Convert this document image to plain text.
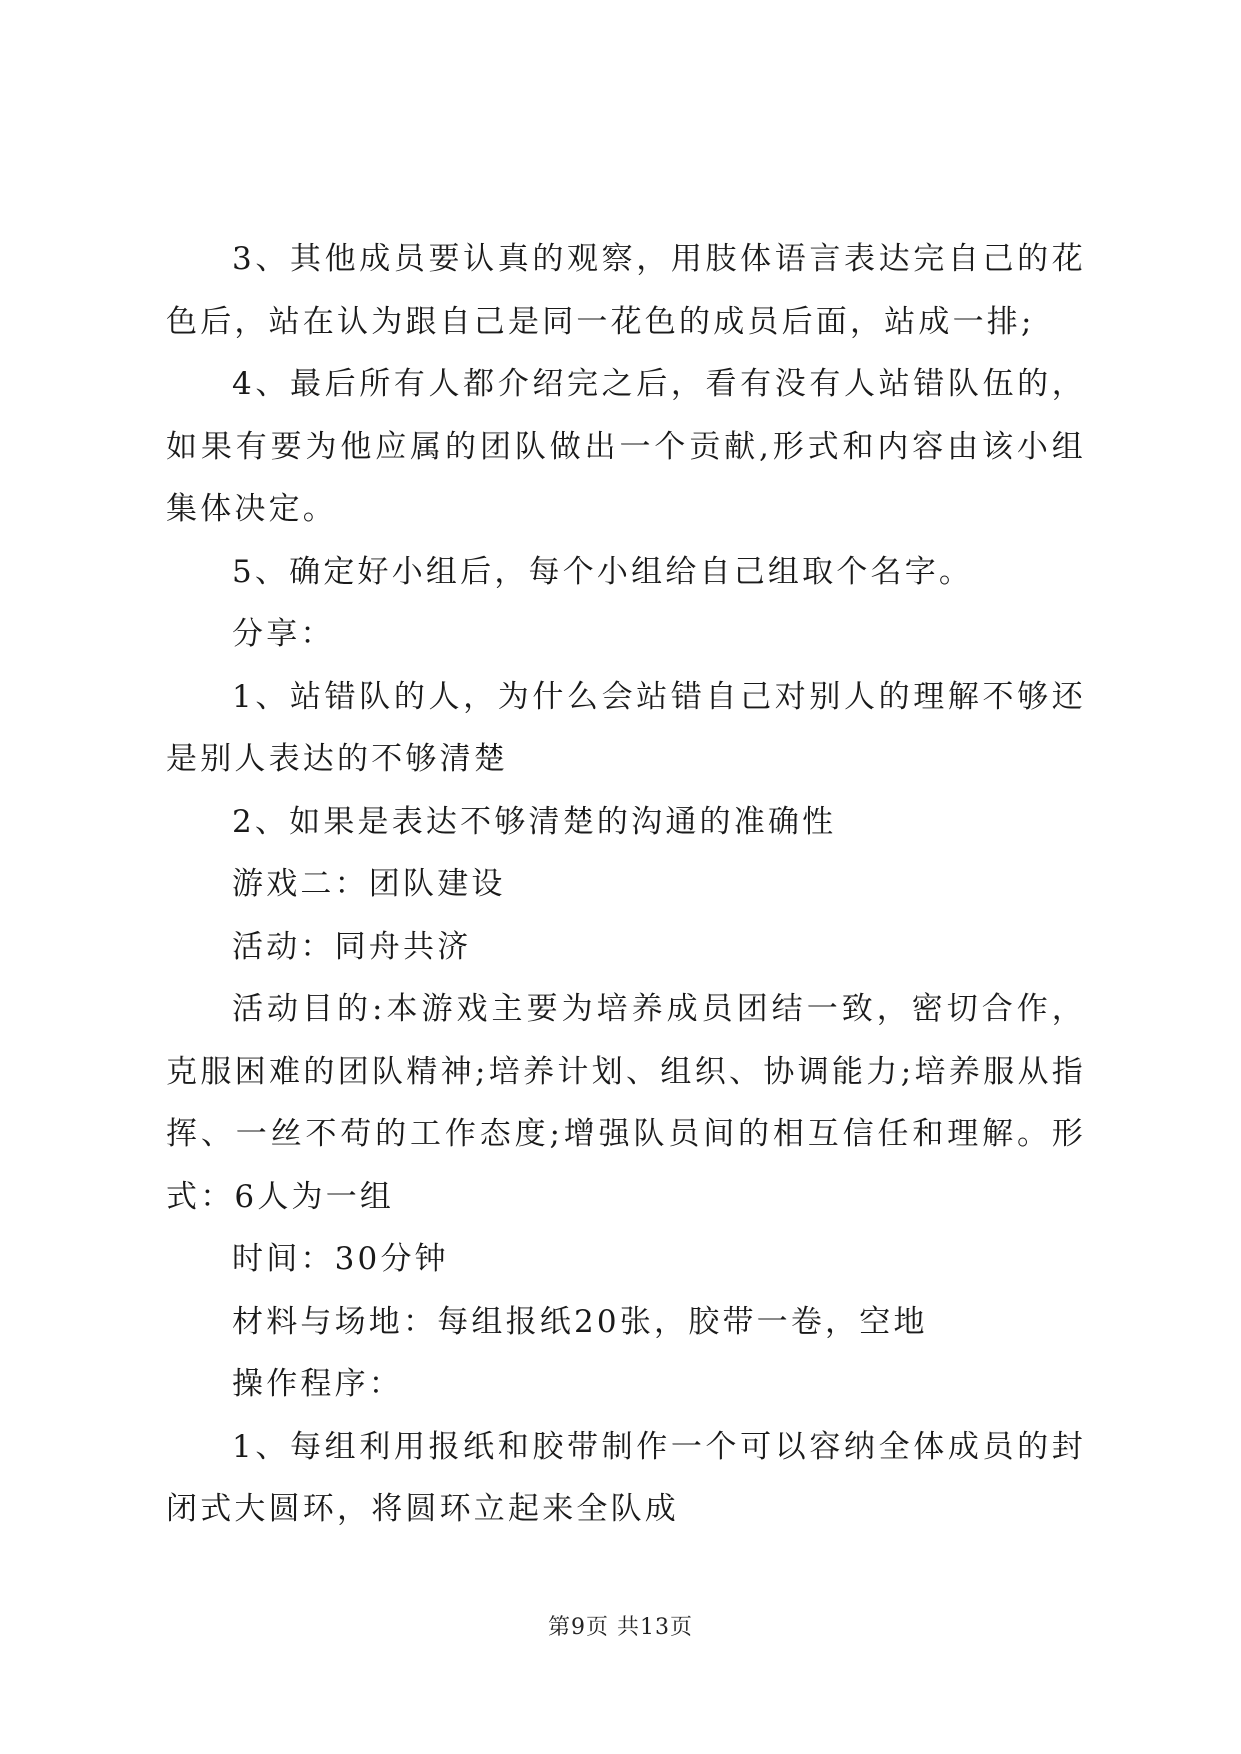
3、其他成员要认真的观察，用肢体语言表达完自己的花色后，站在认为跟自己是同一花色的成员后面，站成一排;

4、最后所有人都介绍完之后，看有没有人站错队伍的，如果有要为他应属的团队做出一个贡献,形式和内容由该小组集体决定。

5、确定好小组后，每个小组给自己组取个名字。

分享：

1、站错队的人，为什么会站错自己对别人的理解不够还是别人表达的不够清楚

2、如果是表达不够清楚的沟通的准确性

游戏二：团队建设

活动：同舟共济

活动目的:本游戏主要为培养成员团结一致，密切合作，克服困难的团队精神;培养计划、组织、协调能力;培养服从指挥、一丝不苟的工作态度;增强队员间的相互信任和理解。形式：6人为一组

时间：30分钟

材料与场地：每组报纸20张，胶带一卷，空地

操作程序：

1、每组利用报纸和胶带制作一个可以容纳全体成员的封闭式大圆环，将圆环立起来全队成

第9页 共13页
